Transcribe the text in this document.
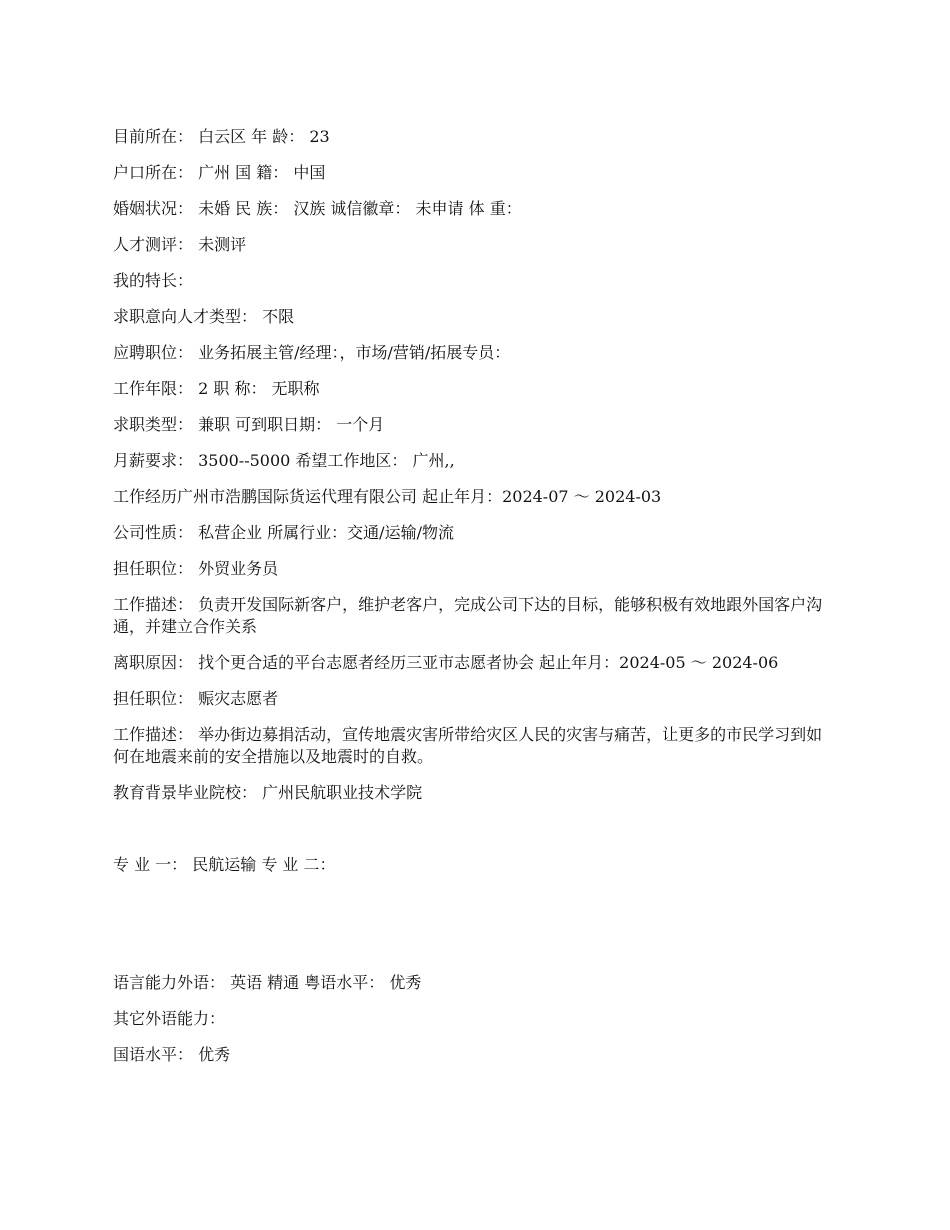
目前所在： 白云区 年 龄： 23

户口所在： 广州 国 籍： 中国

婚姻状况： 未婚 民 族： 汉族 诚信徽章： 未申请 体 重：

人才测评： 未测评

我的特长：

求职意向人才类型： 不限

应聘职位： 业务拓展主管/经理：，市场/营销/拓展专员：

工作年限： 2 职 称： 无职称

求职类型： 兼职 可到职日期： 一个月

月薪要求： 3500--5000 希望工作地区： 广州,,

工作经历广州市浩鹏国际货运代理有限公司 起止年月：2024-07 ～ 2024-03

公司性质： 私营企业 所属行业：交通/运输/物流

担任职位： 外贸业务员

工作描述： 负责开发国际新客户，维护老客户，完成公司下达的目标，能够积极有效地跟外国客户沟通，并建立合作关系

离职原因： 找个更合适的平台志愿者经历三亚市志愿者协会 起止年月：2024-05 ～ 2024-06

担任职位： 赈灾志愿者

工作描述： 举办街边募捐活动，宣传地震灾害所带给灾区人民的灾害与痛苦，让更多的市民学习到如何在地震来前的安全措施以及地震时的自救。

教育背景毕业院校： 广州民航职业技术学院

专 业 一： 民航运输 专 业 二：

语言能力外语： 英语 精通 粤语水平： 优秀

其它外语能力：

国语水平： 优秀
